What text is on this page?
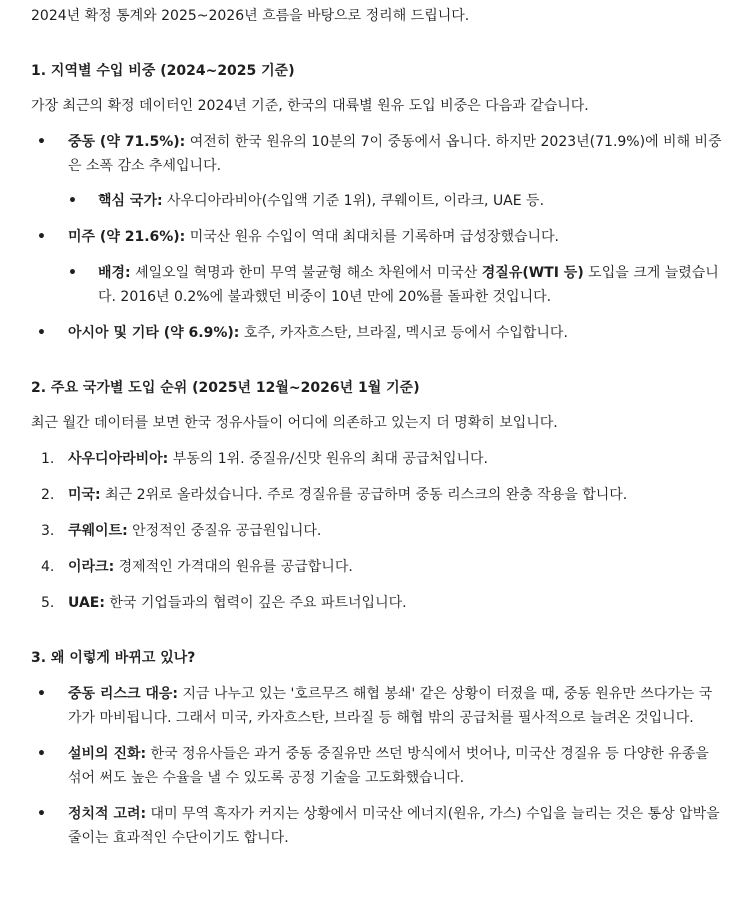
2024년 확정 통계와 2025~2026년 흐름을 바탕으로 정리해 드립니다.

1. 지역별 수입 비중 (2024~2025 기준)

가장 최근의 확정 데이터인 2024년 기준, 한국의 대륙별 원유 도입 비중은 다음과 같습니다.

• 중동 (약 71.5%): 여전히 한국 원유의 10분의 7이 중동에서 옵니다. 하지만 2023년(71.9%)에 비해 비중은 소폭 감소 추세입니다.
• 핵심 국가: 사우디아라비아(수입액 기준 1위), 쿠웨이트, 이라크, UAE 등.
• 미주 (약 21.6%): 미국산 원유 수입이 역대 최대치를 기록하며 급성장했습니다.
• 배경: 셰일오일 혁명과 한미 무역 불균형 해소 차원에서 미국산 경질유(WTI 등) 도입을 크게 늘렸습니다. 2016년 0.2%에 불과했던 비중이 10년 만에 20%를 돌파한 것입니다.
• 아시아 및 기타 (약 6.9%): 호주, 카자흐스탄, 브라질, 멕시코 등에서 수입합니다.
2. 주요 국가별 도입 순위 (2025년 12월~2026년 1월 기준)

최근 월간 데이터를 보면 한국 정유사들이 어디에 의존하고 있는지 더 명확히 보입니다.

1. 사우디아라비아: 부동의 1위. 중질유/신맛 원유의 최대 공급처입니다.
2. 미국: 최근 2위로 올라섰습니다. 주로 경질유를 공급하며 중동 리스크의 완충 작용을 합니다.
3. 쿠웨이트: 안정적인 중질유 공급원입니다.
4. 이라크: 경제적인 가격대의 원유를 공급합니다.
5. UAE: 한국 기업들과의 협력이 깊은 주요 파트너입니다.
3. 왜 이렇게 바뀌고 있나?
• 중동 리스크 대응: 지금 나누고 있는 '호르무즈 해협 봉쇄' 같은 상황이 터졌을 때, 중동 원유만 쓰다가는 국가가 마비됩니다. 그래서 미국, 카자흐스탄, 브라질 등 해협 밖의 공급처를 필사적으로 늘려온 것입니다.
• 설비의 진화: 한국 정유사들은 과거 중동 중질유만 쓰던 방식에서 벗어나, 미국산 경질유 등 다양한 유종을 섞어 써도 높은 수율을 낼 수 있도록 공정 기술을 고도화했습니다.
• 정치적 고려: 대미 무역 흑자가 커지는 상황에서 미국산 에너지(원유, 가스) 수입을 늘리는 것은 통상 압박을 줄이는 효과적인 수단이기도 합니다.
